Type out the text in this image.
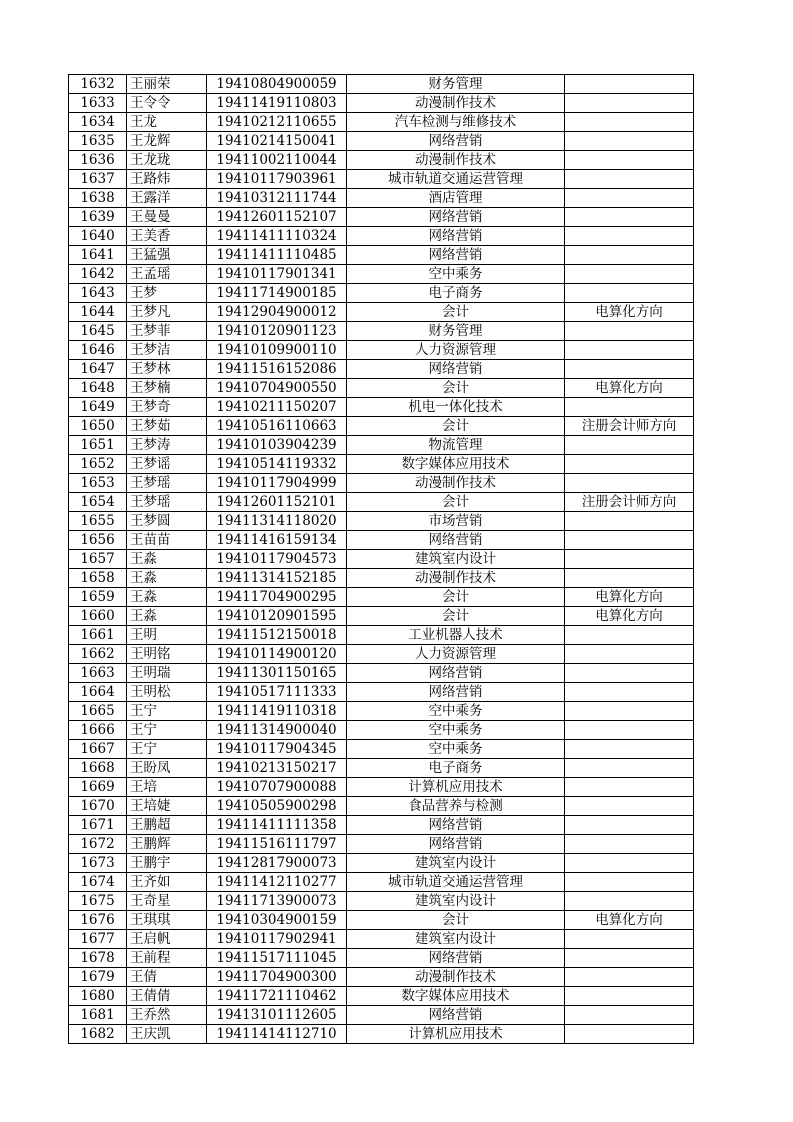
1632	王丽荣	19410804900059	财务管理	
1633	王令令	19411419110803	动漫制作技术	
1634	王龙	19410212110655	汽车检测与维修技术	
1635	王龙辉	19410214150041	网络营销	
1636	王龙珑	19411002110044	动漫制作技术	
1637	王路炜	19410117903961	城市轨道交通运营管理	
1638	王露洋	19410312111744	酒店管理	
1639	王曼曼	19412601152107	网络营销	
1640	王美香	19411411110324	网络营销	
1641	王猛强	19411411110485	网络营销	
1642	王孟瑶	19410117901341	空中乘务	
1643	王梦	19411714900185	电子商务	
1644	王梦凡	19412904900012	会计	电算化方向
1645	王梦菲	19410120901123	财务管理	
1646	王梦洁	19410109900110	人力资源管理	
1647	王梦林	19411516152086	网络营销	
1648	王梦楠	19410704900550	会计	电算化方向
1649	王梦奇	19410211150207	机电一体化技术	
1650	王梦茹	19410516110663	会计	注册会计师方向
1651	王梦涛	19410103904239	物流管理	
1652	王梦谣	19410514119332	数字媒体应用技术	
1653	王梦瑶	19410117904999	动漫制作技术	
1654	王梦瑶	19412601152101	会计	注册会计师方向
1655	王梦圆	19411314118020	市场营销	
1656	王苗苗	19411416159134	网络营销	
1657	王淼	19410117904573	建筑室内设计	
1658	王淼	19411314152185	动漫制作技术	
1659	王淼	19411704900295	会计	电算化方向
1660	王淼	19410120901595	会计	电算化方向
1661	王明	19411512150018	工业机器人技术	
1662	王明铭	19410114900120	人力资源管理	
1663	王明瑞	19411301150165	网络营销	
1664	王明松	19410517111333	网络营销	
1665	王宁	19411419110318	空中乘务	
1666	王宁	19411314900040	空中乘务	
1667	王宁	19410117904345	空中乘务	
1668	王盼凤	19410213150217	电子商务	
1669	王培	19410707900088	计算机应用技术	
1670	王培婕	19410505900298	食品营养与检测	
1671	王鹏超	19411411111358	网络营销	
1672	王鹏辉	19411516111797	网络营销	
1673	王鹏宇	19412817900073	建筑室内设计	
1674	王齐如	19411412110277	城市轨道交通运营管理	
1675	王奇星	19411713900073	建筑室内设计	
1676	王琪琪	19410304900159	会计	电算化方向
1677	王启帆	19410117902941	建筑室内设计	
1678	王前程	19411517111045	网络营销	
1679	王倩	19411704900300	动漫制作技术	
1680	王倩倩	19411721110462	数字媒体应用技术	
1681	王乔然	19413101112605	网络营销	
1682	王庆凯	19411414112710	计算机应用技术	
